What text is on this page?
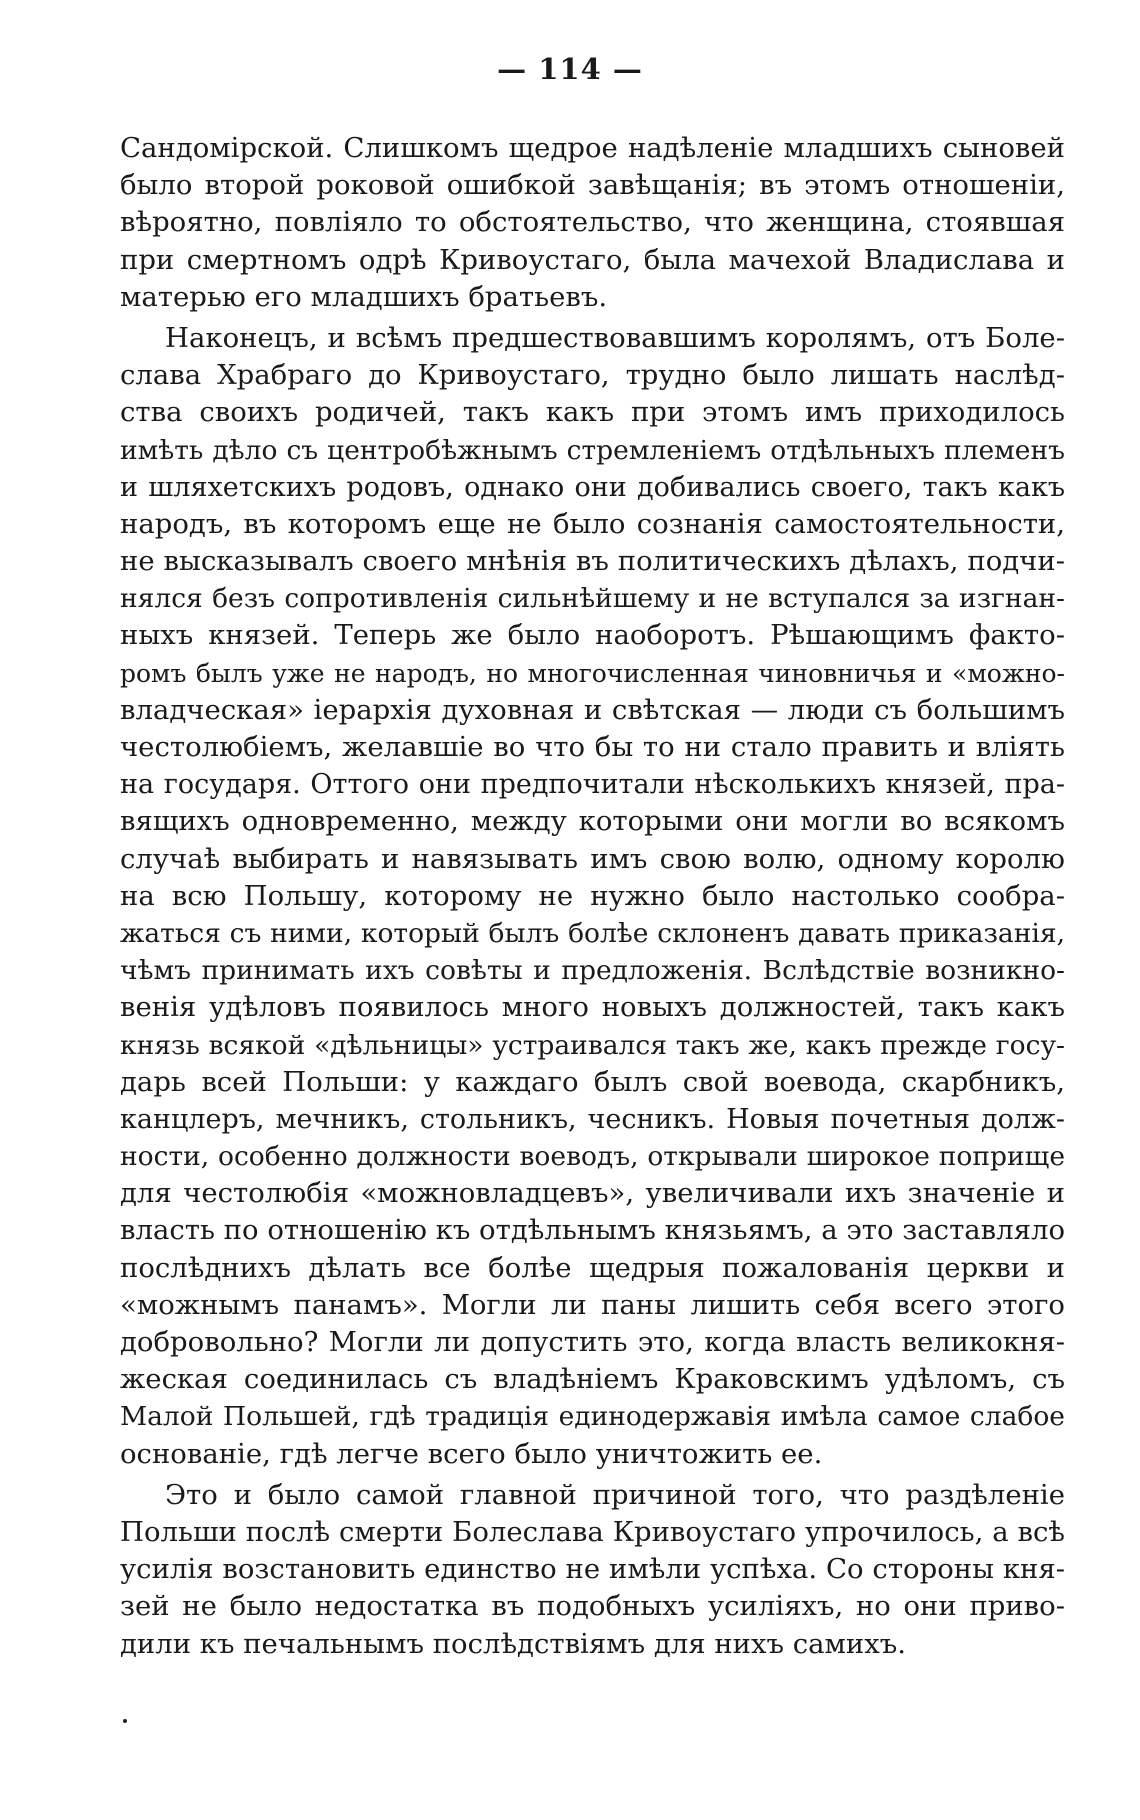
— 114 —
Сандомірской. Слишкомъ щедрое надѣленіе младшихъ сыновей
было второй роковой ошибкой завѣщанія; въ этомъ отношеніи,
вѣроятно, повліяло то обстоятельство, что женщина, стоявшая
при смертномъ одрѣ Кривоустаго, была мачехой Владислава и
матерью его младшихъ братьевъ.
Наконецъ, и всѣмъ предшествовавшимъ королямъ, отъ Боле-
слава Храбраго до Кривоустаго, трудно было лишать наслѣд-
ства своихъ родичей, такъ какъ при этомъ имъ приходилось
имѣть дѣло съ центробѣжнымъ стремленіемъ отдѣльныхъ племенъ
и шляхетскихъ родовъ, однако они добивались своего, такъ какъ
народъ, въ которомъ еще не было сознанія самостоятельности,
не высказывалъ своего мнѣнія въ политическихъ дѣлахъ, подчи-
нялся безъ сопротивленія сильнѣйшему и не вступался за изгнан-
ныхъ князей. Теперь же было наоборотъ. Рѣшающимъ факто-
ромъ былъ уже не народъ, но многочисленная чиновничья и «можно-
владческая» іерархія духовная и свѣтская — люди съ большимъ
честолюбіемъ, желавшіе во что бы то ни стало править и вліять
на государя. Оттого они предпочитали нѣсколькихъ князей, пра-
вящихъ одновременно, между которыми они могли во всякомъ
случаѣ выбирать и навязывать имъ свою волю, одному королю
на всю Польшу, которому не нужно было настолько сообра-
жаться съ ними, который былъ болѣе склоненъ давать приказанія,
чѣмъ принимать ихъ совѣты и предложенія. Вслѣдствіе возникно-
венія удѣловъ появилось много новыхъ должностей, такъ какъ
князь всякой «дѣльницы» устраивался такъ же, какъ прежде госу-
дарь всей Польши: у каждаго былъ свой воевода, скарбникъ,
канцлеръ, мечникъ, стольникъ, чесникъ. Новыя почетныя долж-
ности, особенно должности воеводъ, открывали широкое поприще
для честолюбія «можновладцевъ», увеличивали ихъ значеніе и
власть по отношенію къ отдѣльнымъ князьямъ, а это заставляло
послѣднихъ дѣлать все болѣе щедрыя пожалованія церкви и
«можнымъ панамъ». Могли ли паны лишить себя всего этого
добровольно? Могли ли допустить это, когда власть великокня-
жеская соединилась съ владѣніемъ Краковскимъ удѣломъ, съ
Малой Польшей, гдѣ традиція единодержавія имѣла самое слабое
основаніе, гдѣ легче всего было уничтожить ее.
Это и было самой главной причиной того, что раздѣленіе
Польши послѣ смерти Болеслава Кривоустаго упрочилось, а всѣ
усилія возстановить единство не имѣли успѣха. Со стороны кня-
зей не было недостатка въ подобныхъ усиліяхъ, но они приво-
дили къ печальнымъ послѣдствіямъ для нихъ самихъ.
